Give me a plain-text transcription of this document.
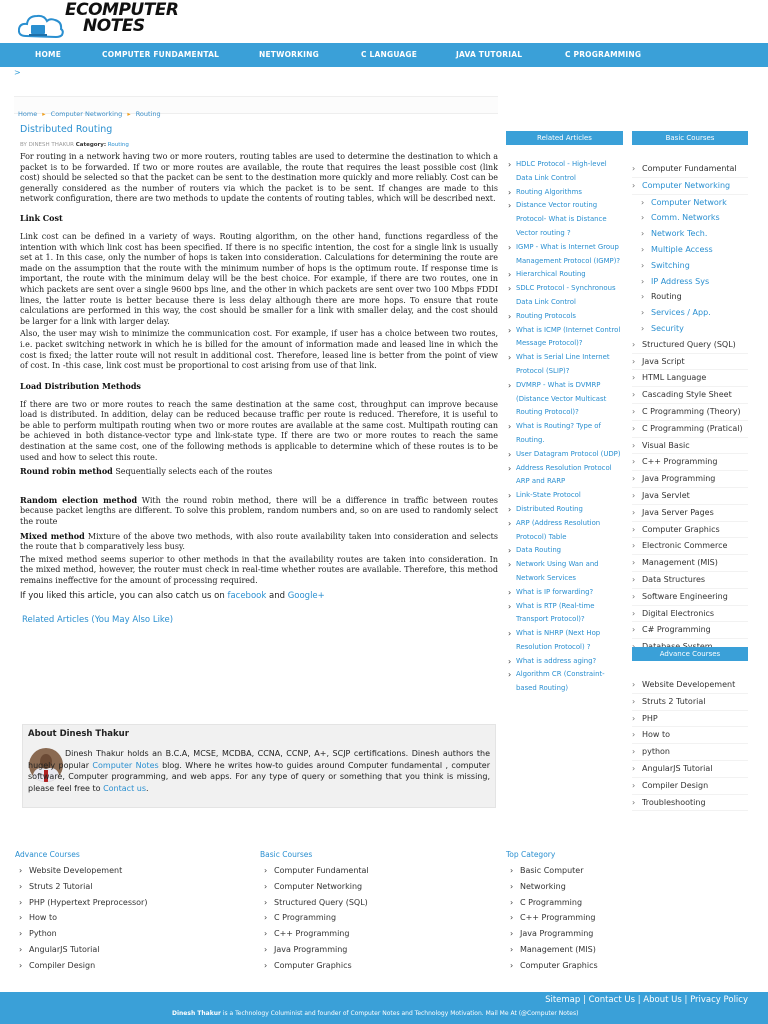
ECOMPUTER
NOTES
HOME	COMPUTER FUNDAMENTAL	NETWORKING	C LANGUAGE	JAVA TUTORIAL	C PROGRAMMING
>
Home ▸ Computer Networking ▸ Routing
Distributed Routing
BY DINESH THAKUR Category: Routing

For routing in a network having two or more routers, routing tables are used to determine the destination to which a packet is to be forwarded. If two or more routes are available, the route that requires the least possible cost (link cost) should be selected so that the packet can be sent to the destination more quickly and more reliably. Cost can be generally considered as the number of routers via which the packet is to be sent. If changes are made to this network configuration, there are two methods to update the contents of routing tables, which will be described next.

Link Cost

Link cost can be defined in a variety of ways. Routing algorithm, on the other hand, functions regardless of the intention with which link cost has been specified. If there is no specific intention, the cost for a single link is usually set at 1. In this case, only the number of hops is taken into consideration. Calculations for determining the route are made on the assumption that the route with the minimum number of hops is the optimum route. If response time is important, the route with the minimum delay will be the best choice. For example, if there are two routes, one in which packets are sent over a single 9600 bps line, and the other in which packets are sent over two 100 Mbps FDDI lines, the latter route is better because there is less delay although there are more hops. To ensure that route calculations are performed in this way, the cost should be smaller for a link with smaller delay, and the cost should be larger for a link with larger delay.

Also, the user may wish to minimize the communication cost. For example, if user has a choice between two routes, i.e. packet switching network in which he is billed for the amount of information made and leased line in which the cost is fixed; the latter route will not result in additional cost. Therefore, leased line is better from the point of view of cost. In -this case, link cost must be proportional to cost arising from use of that link.

Load Distribution Methods

If there are two or more routes to reach the same destination at the same cost, throughput can improve because load is distributed. In addition, delay can be reduced because traffic per route is reduced. Therefore, it is useful to be able to perform multipath routing when two or more routes are available at the same cost. Multipath routing can be achieved in both distance-vector type and link-state type. If there are two or more routes to reach the same destination at the same cost, one of the following methods is applicable to determine which of these routes is to be used and how to select this route.

Round robin method Sequentially selects each of the routes

Random election method With the round robin method, there will be a difference in traffic between routes because packet lengths are different. To solve this problem, random numbers and, so on are used to randomly select the route

Mixed method Mixture of the above two methods, with also route availability taken into consideration and selects the route that b comparatively less busy.

The mixed method seems superior to other methods in that the availability routes are taken into consideration. In the mixed method, however, the router must check in real-time whether routes are available. Therefore, this method remains ineffective for the amount of processing required.

If you liked this article, you can also catch us on facebook and Google+

Related Articles (You May Also Like)
About Dinesh Thakur
Dinesh Thakur holds an B.C.A, MCSE, MCDBA, CCNA, CCNP, A+, SCJP certifications. Dinesh authors the hugely popular Computer Notes blog. Where he writes how-to guides around Computer fundamental , computer software, Computer programming, and web apps. For any type of query or something that you think is missing, please feel free to Contact us.
Related Articles
› HDLC Protocol - High-level Data Link Control
› Routing Algorithms
› Distance Vector routing Protocol- What is Distance Vector routing ?
› IGMP - What is Internet Group Management Protocol (IGMP)?
› Hierarchical Routing
› SDLC Protocol - Synchronous Data Link Control
› Routing Protocols
› What is ICMP (Internet Control Message Protocol)?
› What is Serial Line Internet Protocol (SLIP)?
› DVMRP - What is DVMRP (Distance Vector Multicast Routing Protocol)?
› What is Routing? Type of Routing.
› User Datagram Protocol (UDP)
› Address Resolution Protocol ARP and RARP
› Link-State Protocol
› Distributed Routing
› ARP (Address Resolution Protocol) Table
› Data Routing
› Network Using Wan and Network Services
› What is IP forwarding?
› What is RTP (Real-time Transport Protocol)?
› What is NHRP (Next Hop Resolution Protocol) ?
› What is address aging?
› Algorithm CR (Constraint-based Routing)
Basic Courses
› Computer Fundamental
› Computer Networking
› Computer Network
› Comm. Networks
› Network Tech.
› Multiple Access
› Switching
› IP Address Sys
› Routing
› Services / App.
› Security
› Structured Query (SQL)
› Java Script
› HTML Language
› Cascading Style Sheet
› C Programming (Theory)
› C Programming (Pratical)
› Visual Basic
› C++ Programming
› Java Programming
› Java Servlet
› Java Server Pages
› Computer Graphics
› Electronic Commerce
› Management (MIS)
› Data Structures
› Software Engineering
› Digital Electronics
› C# Programming
›
Advance Courses
› Website Developement
› Struts 2 Tutorial
› PHP
› How to
› python
› AngularJS Tutorial
› Compiler Design
› Troubleshooting
Advance Courses
› Website Developement
› Struts 2 Tutorial
› PHP (Hypertext Preprocessor)
› How to
› Python
› AngularJS Tutorial
› Compiler Design
Basic Courses
› Computer Fundamental
› Computer Networking
› Structured Query (SQL)
› C Programming
› C++ Programming
› Java Programming
› Computer Graphics
Top Category
› Basic Computer
› Networking
› C Programming
› C++ Programming
› Java Programming
› Management (MIS)
› Computer Graphics
Sitemap | Contact Us | About Us | Privacy Policy
Dinesh Thakur is a Technology Columinist and founder of Computer Notes and Technology Motivation. Mail Me At (@Computer Notes)
